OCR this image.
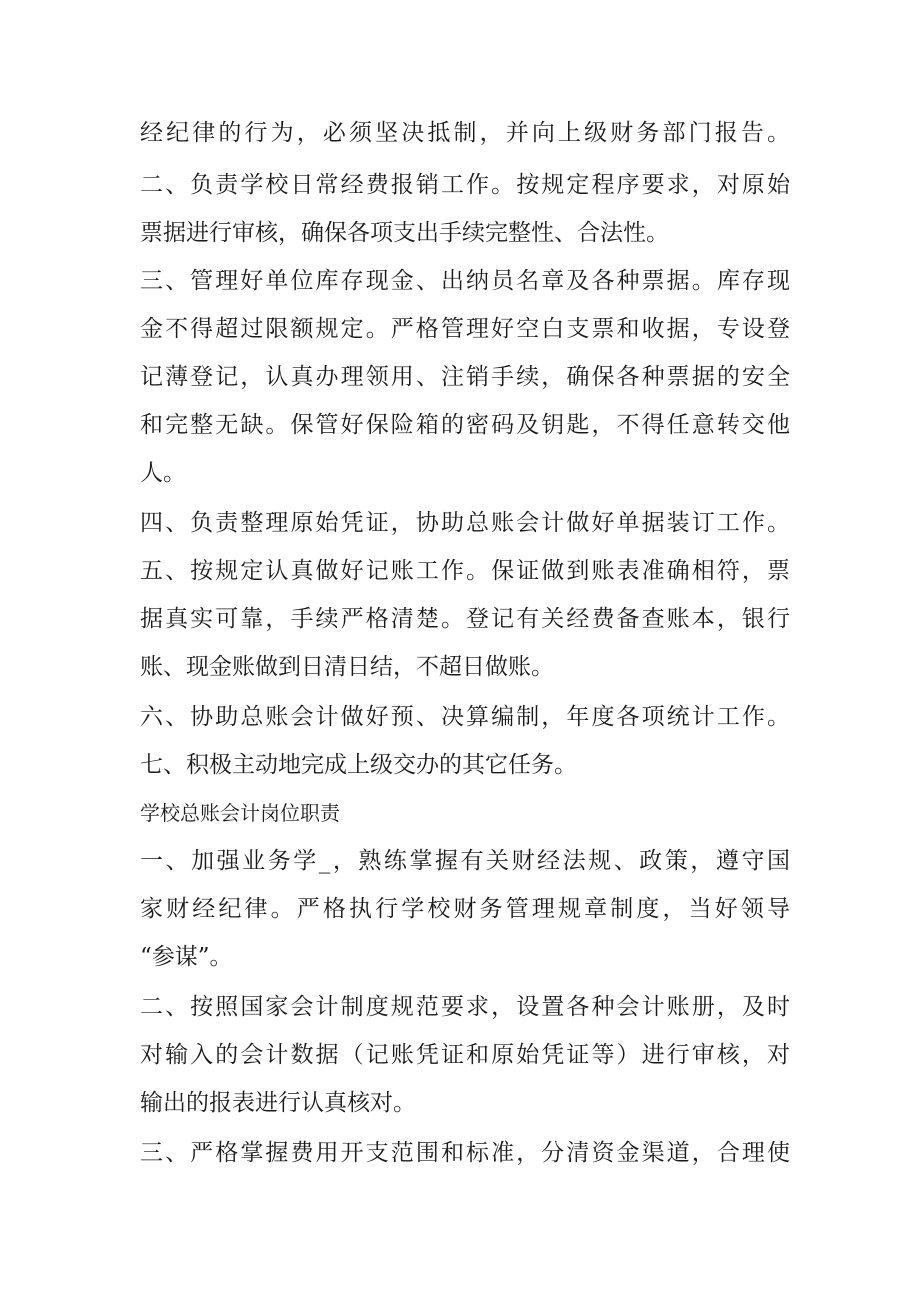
经纪律的行为，必须坚决抵制，并向上级财务部门报告。
二、负责学校日常经费报销工作。按规定程序要求，对原始
票据进行审核，确保各项支出手续完整性、合法性。
三、管理好单位库存现金、出纳员名章及各种票据。库存现
金不得超过限额规定。严格管理好空白支票和收据，专设登
记薄登记，认真办理领用、注销手续，确保各种票据的安全
和完整无缺。保管好保险箱的密码及钥匙，不得任意转交他
人。
四、负责整理原始凭证，协助总账会计做好单据装订工作。
五、按规定认真做好记账工作。保证做到账表准确相符，票
据真实可靠，手续严格清楚。登记有关经费备查账本，银行
账、现金账做到日清日结，不超日做账。
六、协助总账会计做好预、决算编制，年度各项统计工作。
七、积极主动地完成上级交办的其它任务。
学校总账会计岗位职责
一、加强业务学_，熟练掌握有关财经法规、政策，遵守国
家财经纪律。严格执行学校财务管理规章制度，当好领导
“参谋”。
二、按照国家会计制度规范要求，设置各种会计账册，及时
对输入的会计数据（记账凭证和原始凭证等）进行审核，对
输出的报表进行认真核对。
三、严格掌握费用开支范围和标准，分清资金渠道，合理使
